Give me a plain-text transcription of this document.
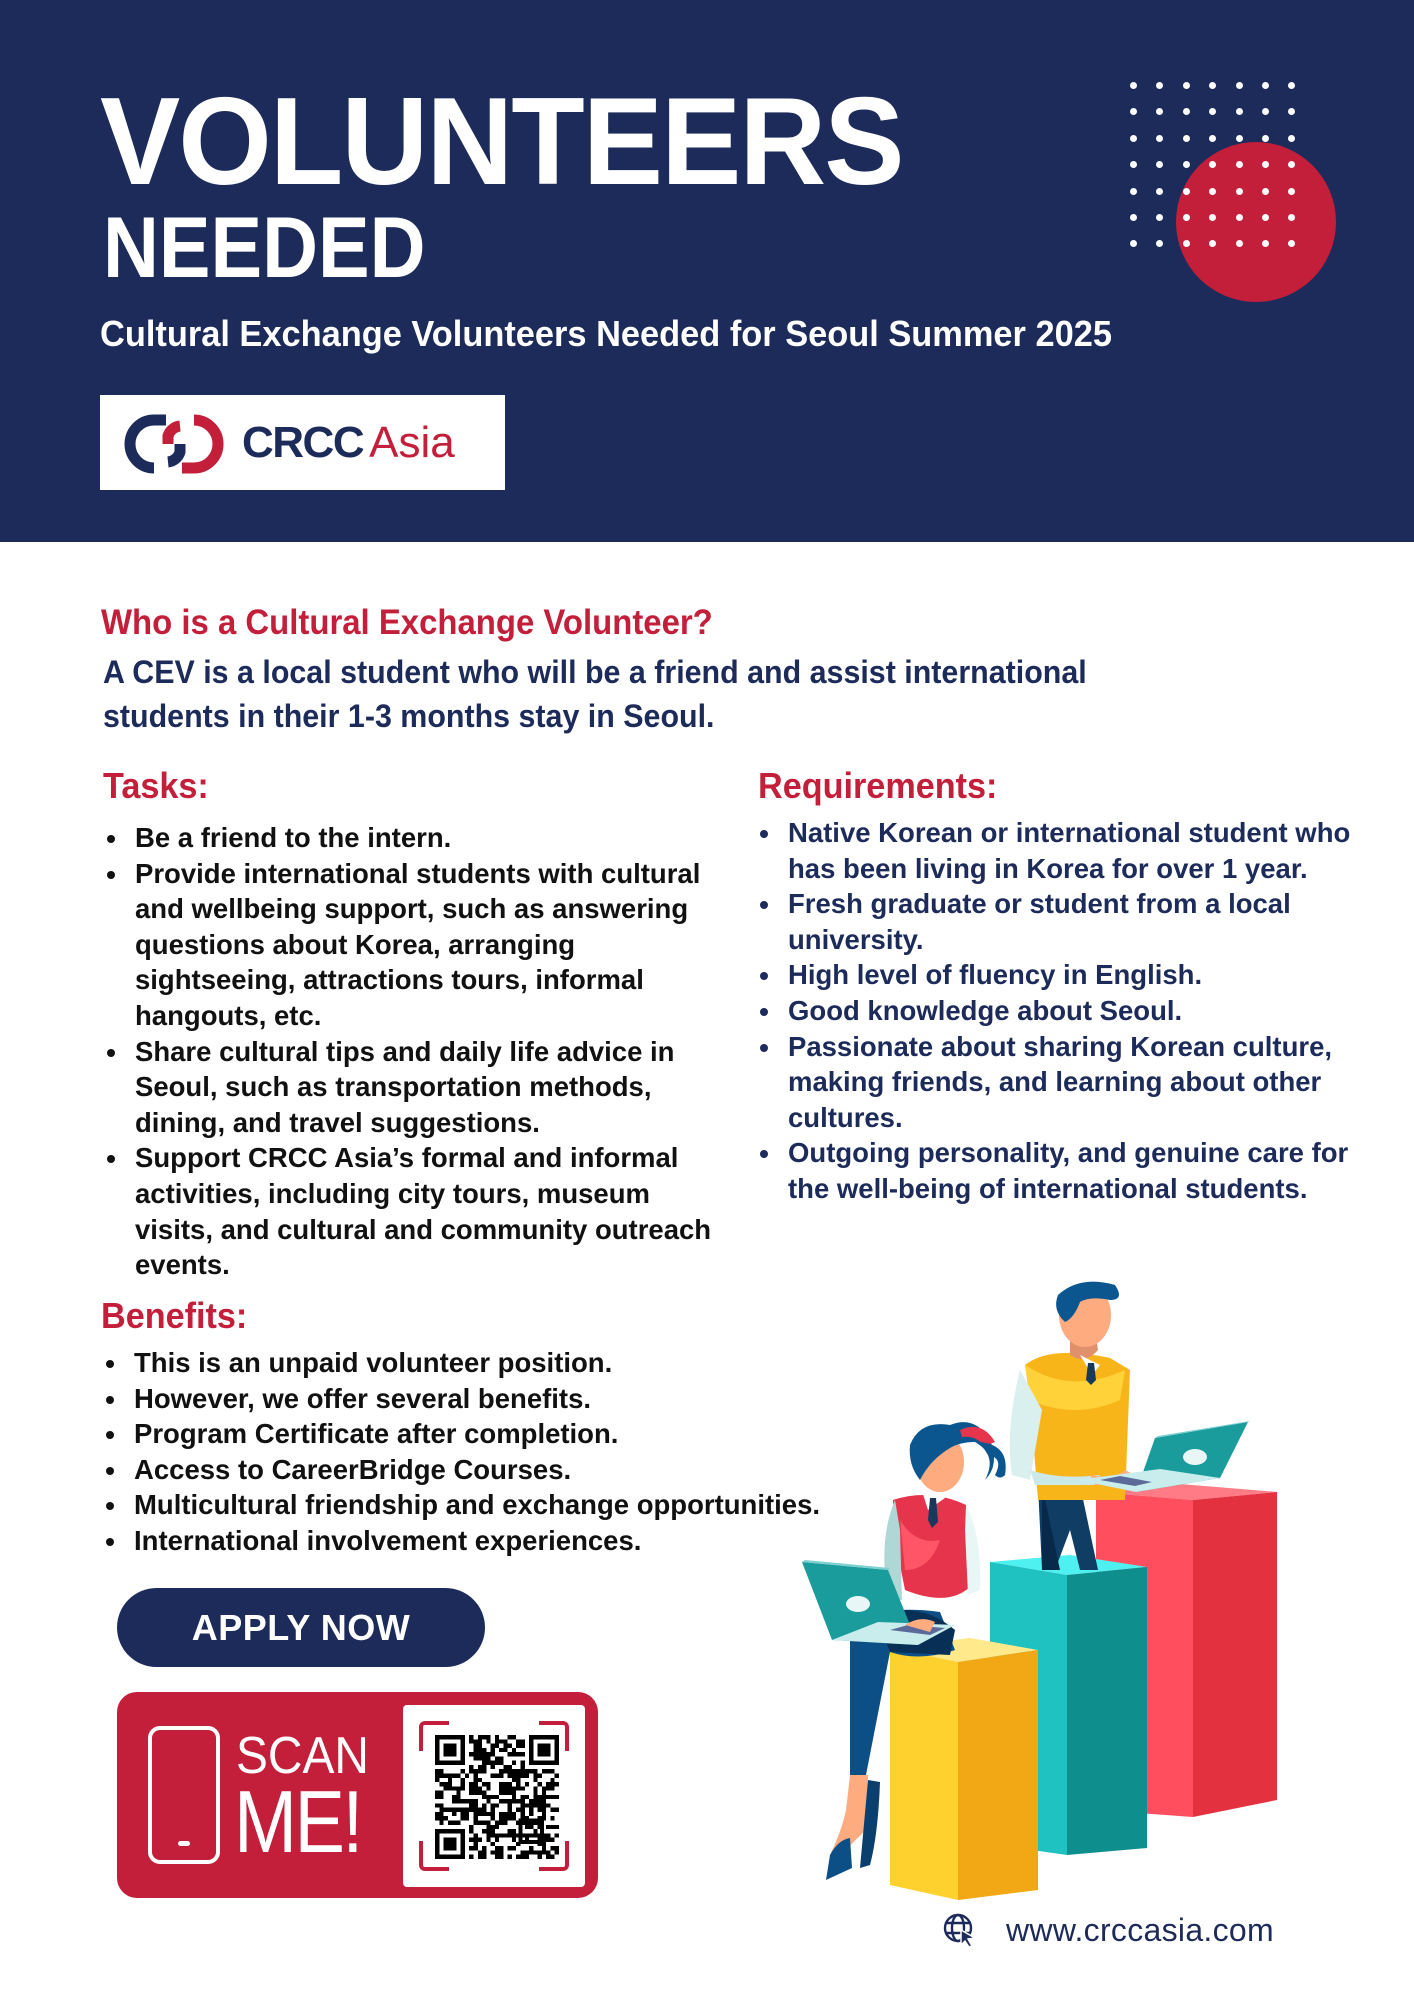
VOLUNTEERS
NEEDED

Cultural Exchange Volunteers Needed for Seoul Summer 2025

CRCC Asia
Who is a Cultural Exchange Volunteer?

A CEV is a local student who will be a friend and assist international students in their 1-3 months stay in Seoul.

Tasks:
Be a friend to the intern.
Provide international students with cultural and wellbeing support, such as answering questions about Korea, arranging sightseeing, attractions tours, informal hangouts, etc.
Share cultural tips and daily life advice in Seoul, such as transportation methods, dining, and travel suggestions.
Support CRCC Asia’s formal and informal activities, including city tours, museum visits, and cultural and community outreach events.
Requirements:
Native Korean or international student who has been living in Korea for over 1 year.
Fresh graduate or student from a local university.
High level of fluency in English.
Good knowledge about Seoul.
Passionate about sharing Korean culture, making friends, and learning about other cultures.
Outgoing personality, and genuine care for the well-being of international students.
Benefits:
This is an unpaid volunteer position.
However, we offer several benefits.
Program Certificate after completion.
Access to CareerBridge Courses.
Multicultural friendship and exchange opportunities.
International involvement experiences.
APPLY NOW
SCAN
ME!
www.crccasia.com
